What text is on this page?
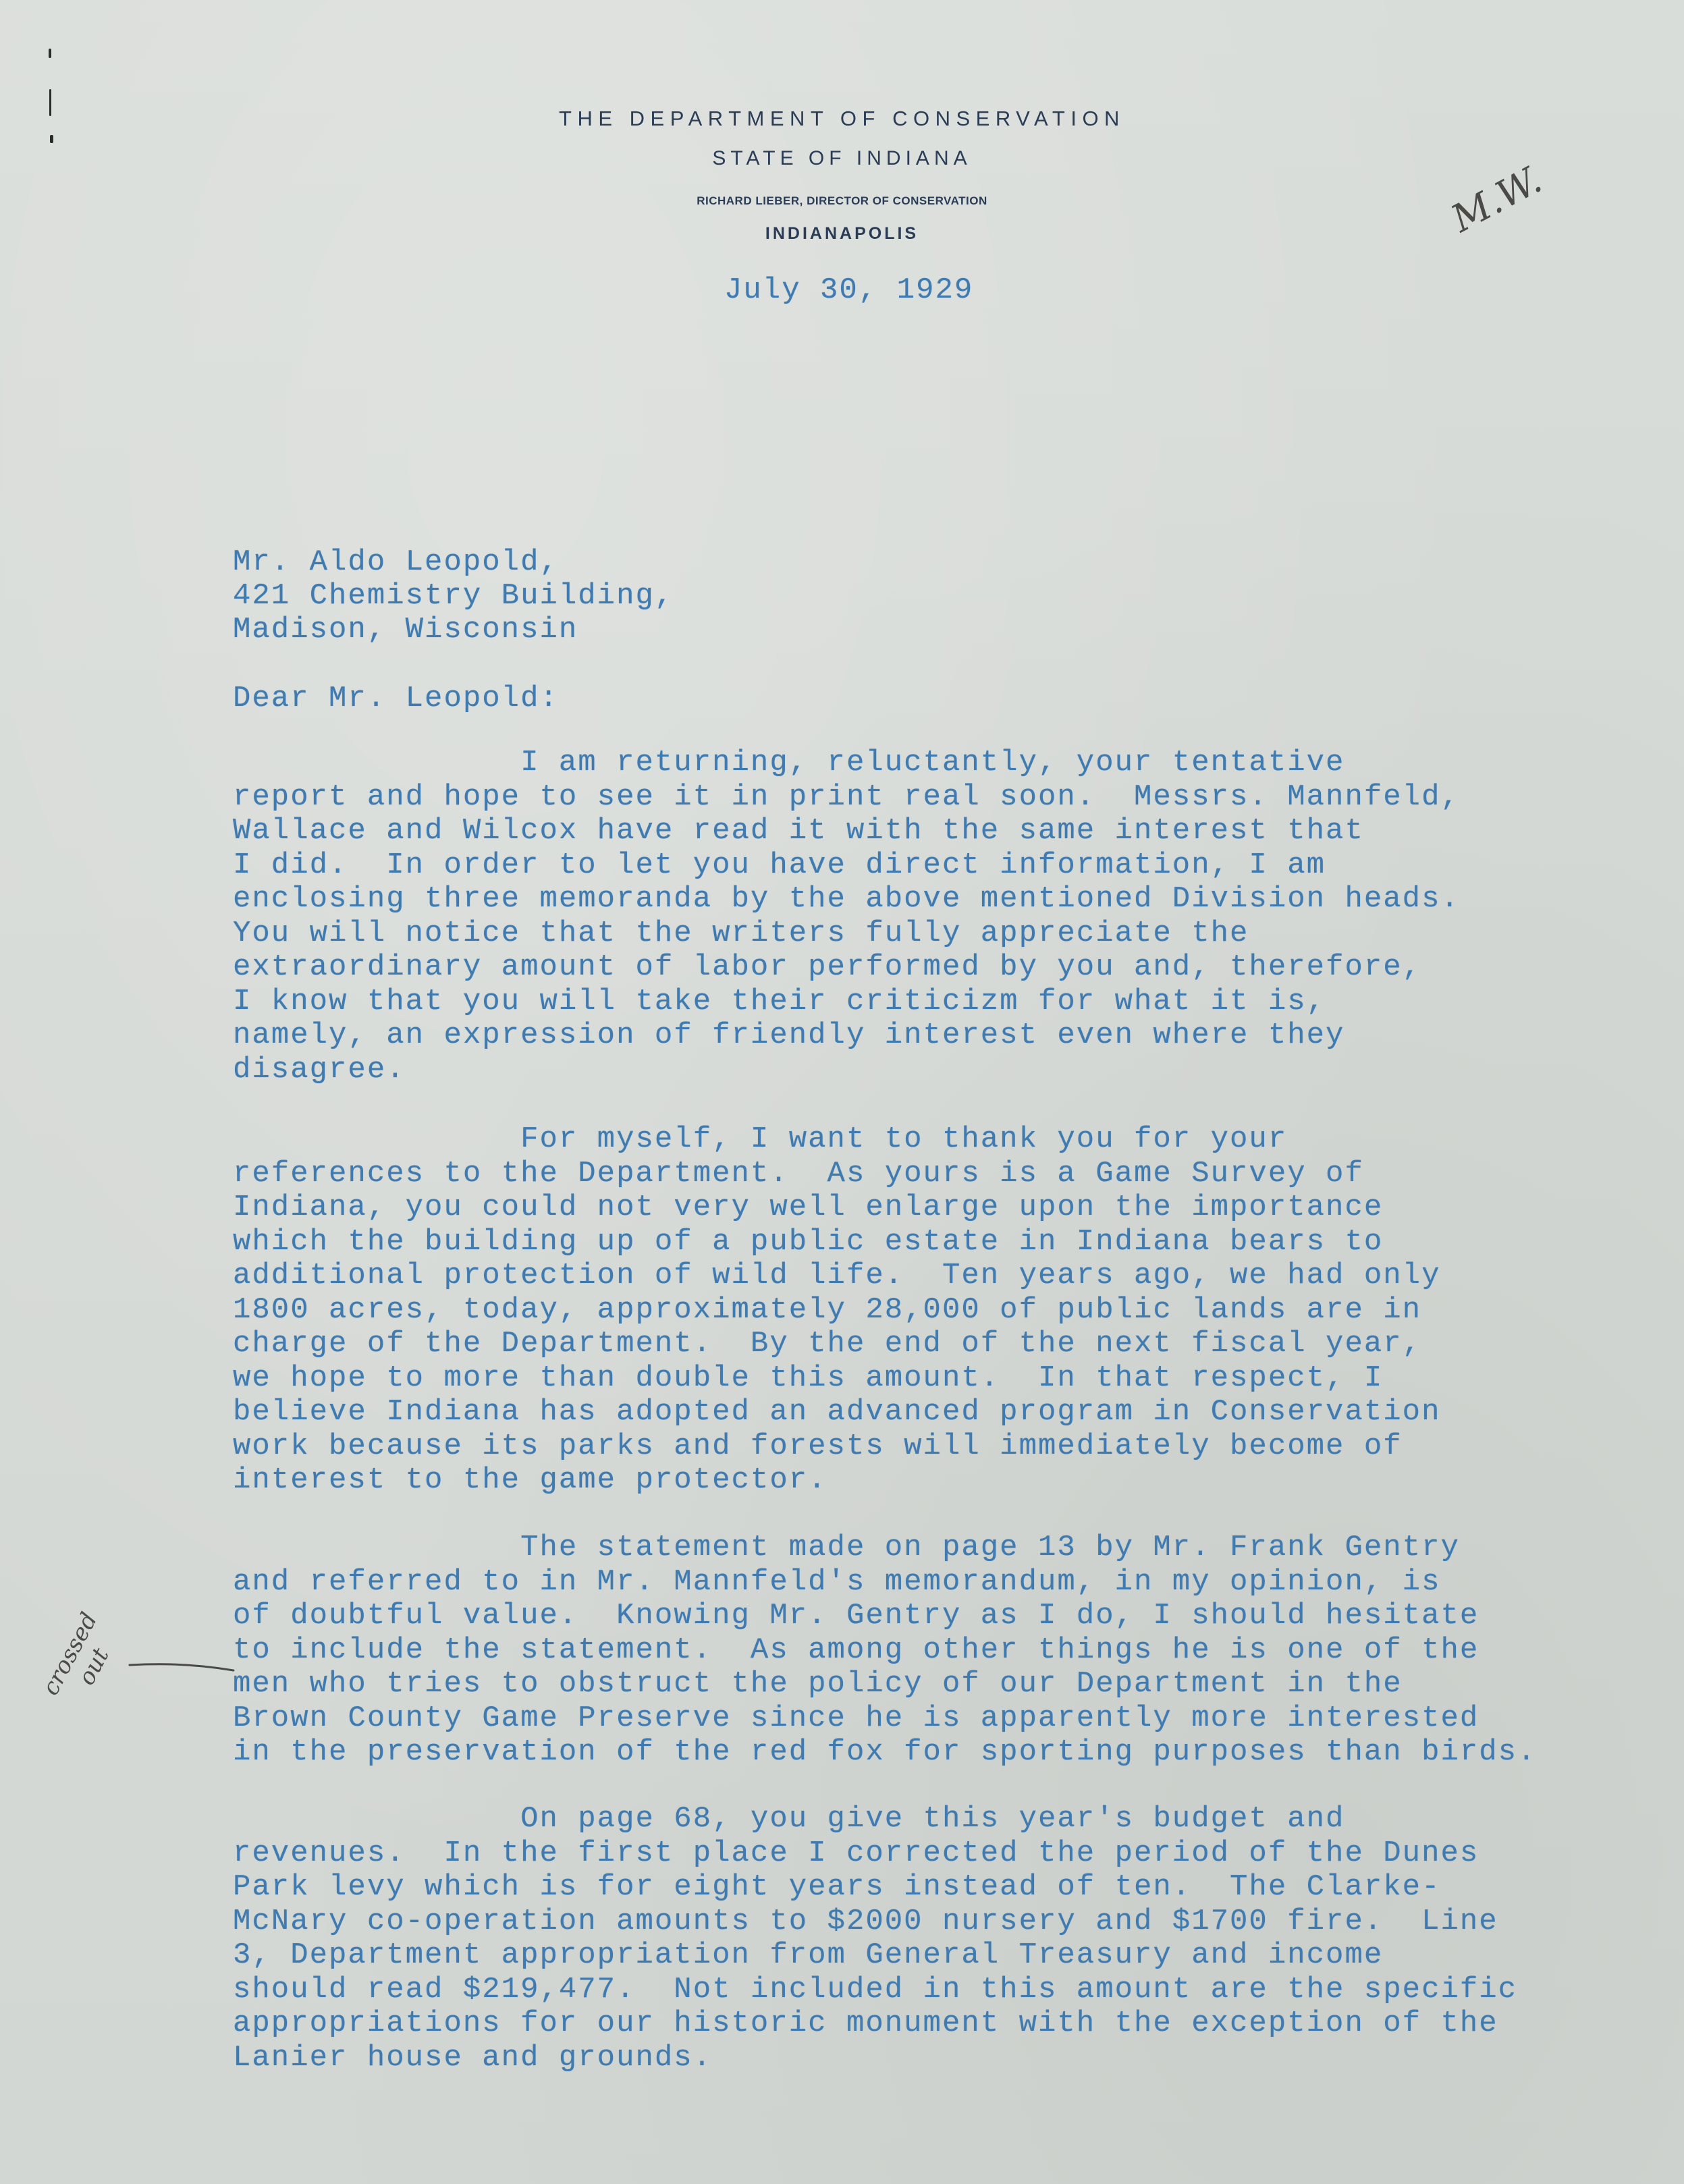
THE DEPARTMENT OF CONSERVATION
STATE OF INDIANA
RICHARD LIEBER, DIRECTOR OF CONSERVATION
INDIANAPOLIS	M.W.
July 30, 1929
Mr. Aldo Leopold,
421 Chemistry Building,
Madison, Wisconsin
Dear Mr. Leopold:
I am returning, reluctantly, your tentative
report and hope to see it in print real soon.  Messrs. Mannfeld,
Wallace and Wilcox have read it with the same interest that
I did.  In order to let you have direct information, I am
enclosing three memoranda by the above mentioned Division heads.
You will notice that the writers fully appreciate the
extraordinary amount of labor performed by you and, therefore,
I know that you will take their criticizm for what it is,
namely, an expression of friendly interest even where they
disagree.
For myself, I want to thank you for your
references to the Department.  As yours is a Game Survey of
Indiana, you could not very well enlarge upon the importance
which the building up of a public estate in Indiana bears to
additional protection of wild life.  Ten years ago, we had only
1800 acres, today, approximately 28,000 of public lands are in
charge of the Department.  By the end of the next fiscal year,
we hope to more than double this amount.  In that respect, I
believe Indiana has adopted an advanced program in Conservation
work because its parks and forests will immediately become of
interest to the game protector.
The statement made on page 13 by Mr. Frank Gentry
and referred to in Mr. Mannfeld's memorandum, in my opinion, is
of doubtful value.  Knowing Mr. Gentry as I do, I should hesitate
to include the statement.  As among other things he is one of the
men who tries to obstruct the policy of our Department in the
Brown County Game Preserve since he is apparently more interested
in the preservation of the red fox for sporting purposes than birds.
On page 68, you give this year's budget and
revenues.  In the first place I corrected the period of the Dunes
Park levy which is for eight years instead of ten.  The Clarke-
McNary co-operation amounts to $2000 nursery and $1700 fire.  Line
3, Department appropriation from General Treasury and income
should read $219,477.  Not included in this amount are the specific
appropriations for our historic monument with the exception of the
Lanier house and grounds.
crossed
out
